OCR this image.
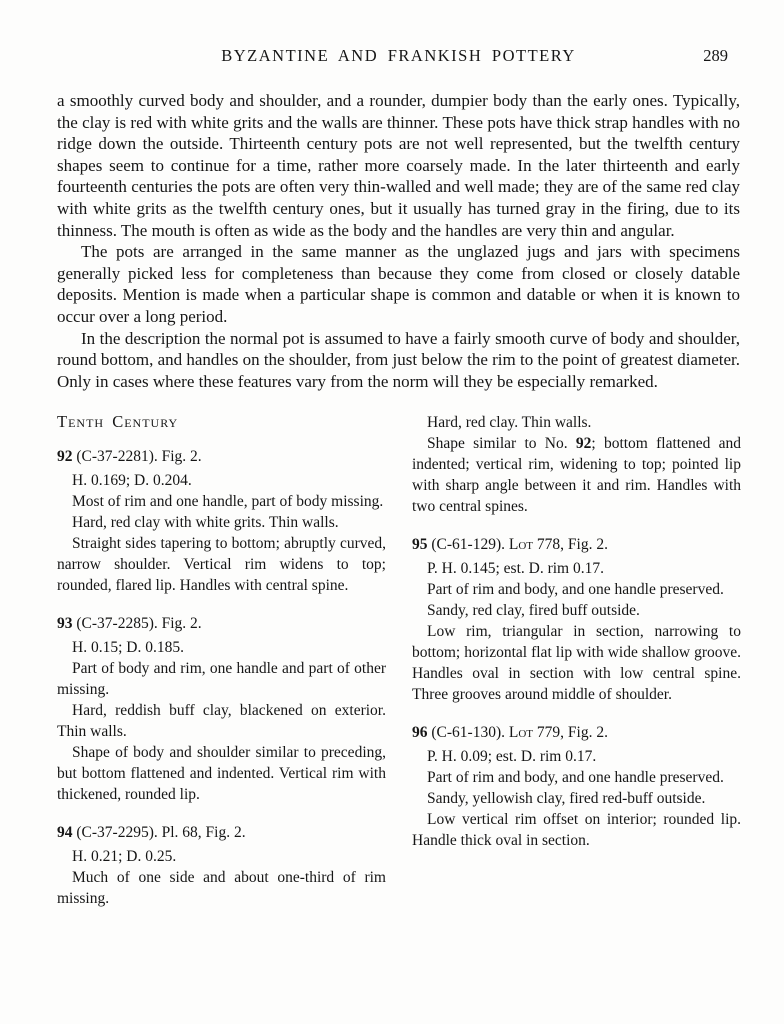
BYZANTINE AND FRANKISH POTTERY	289

a smoothly curved body and shoulder, and a rounder, dumpier body than the early ones. Typically, the clay is red with white grits and the walls are thinner. These pots have thick strap handles with no ridge down the outside. Thirteenth century pots are not well represented, but the twelfth century shapes seem to continue for a time, rather more coarsely made. In the later thirteenth and early fourteenth centuries the pots are often very thin-walled and well made; they are of the same red clay with white grits as the twelfth century ones, but it usually has turned gray in the firing, due to its thinness. The mouth is often as wide as the body and the handles are very thin and angular.

The pots are arranged in the same manner as the unglazed jugs and jars with specimens generally picked less for completeness than because they come from closed or closely datable deposits. Mention is made when a particular shape is common and datable or when it is known to occur over a long period.

In the description the normal pot is assumed to have a fairly smooth curve of body and shoulder, round bottom, and handles on the shoulder, from just below the rim to the point of greatest diameter. Only in cases where these features vary from the norm will they be especially remarked.

Tenth Century

92 (C-37-2281). Fig. 2.

H. 0.169; D. 0.204.

Most of rim and one handle, part of body missing.

Hard, red clay with white grits. Thin walls.

Straight sides tapering to bottom; abruptly curved, narrow shoulder. Vertical rim widens to top; rounded, flared lip. Handles with central spine.

93 (C-37-2285). Fig. 2.

H. 0.15; D. 0.185.

Part of body and rim, one handle and part of other missing.

Hard, reddish buff clay, blackened on exterior. Thin walls.

Shape of body and shoulder similar to preceding, but bottom flattened and indented. Vertical rim with thickened, rounded lip.

94 (C-37-2295). Pl. 68, Fig. 2.

H. 0.21; D. 0.25.

Much of one side and about one-third of rim missing.

Hard, red clay. Thin walls.

Shape similar to No. 92; bottom flattened and indented; vertical rim, widening to top; pointed lip with sharp angle between it and rim. Handles with two central spines.

95 (C-61-129). Lot 778, Fig. 2.

P. H. 0.145; est. D. rim 0.17.

Part of rim and body, and one handle preserved.

Sandy, red clay, fired buff outside.

Low rim, triangular in section, narrowing to bottom; horizontal flat lip with wide shallow groove. Handles oval in section with low central spine. Three grooves around middle of shoulder.

96 (C-61-130). Lot 779, Fig. 2.

P. H. 0.09; est. D. rim 0.17.

Part of rim and body, and one handle preserved.

Sandy, yellowish clay, fired red-buff outside.

Low vertical rim offset on interior; rounded lip. Handle thick oval in section.
